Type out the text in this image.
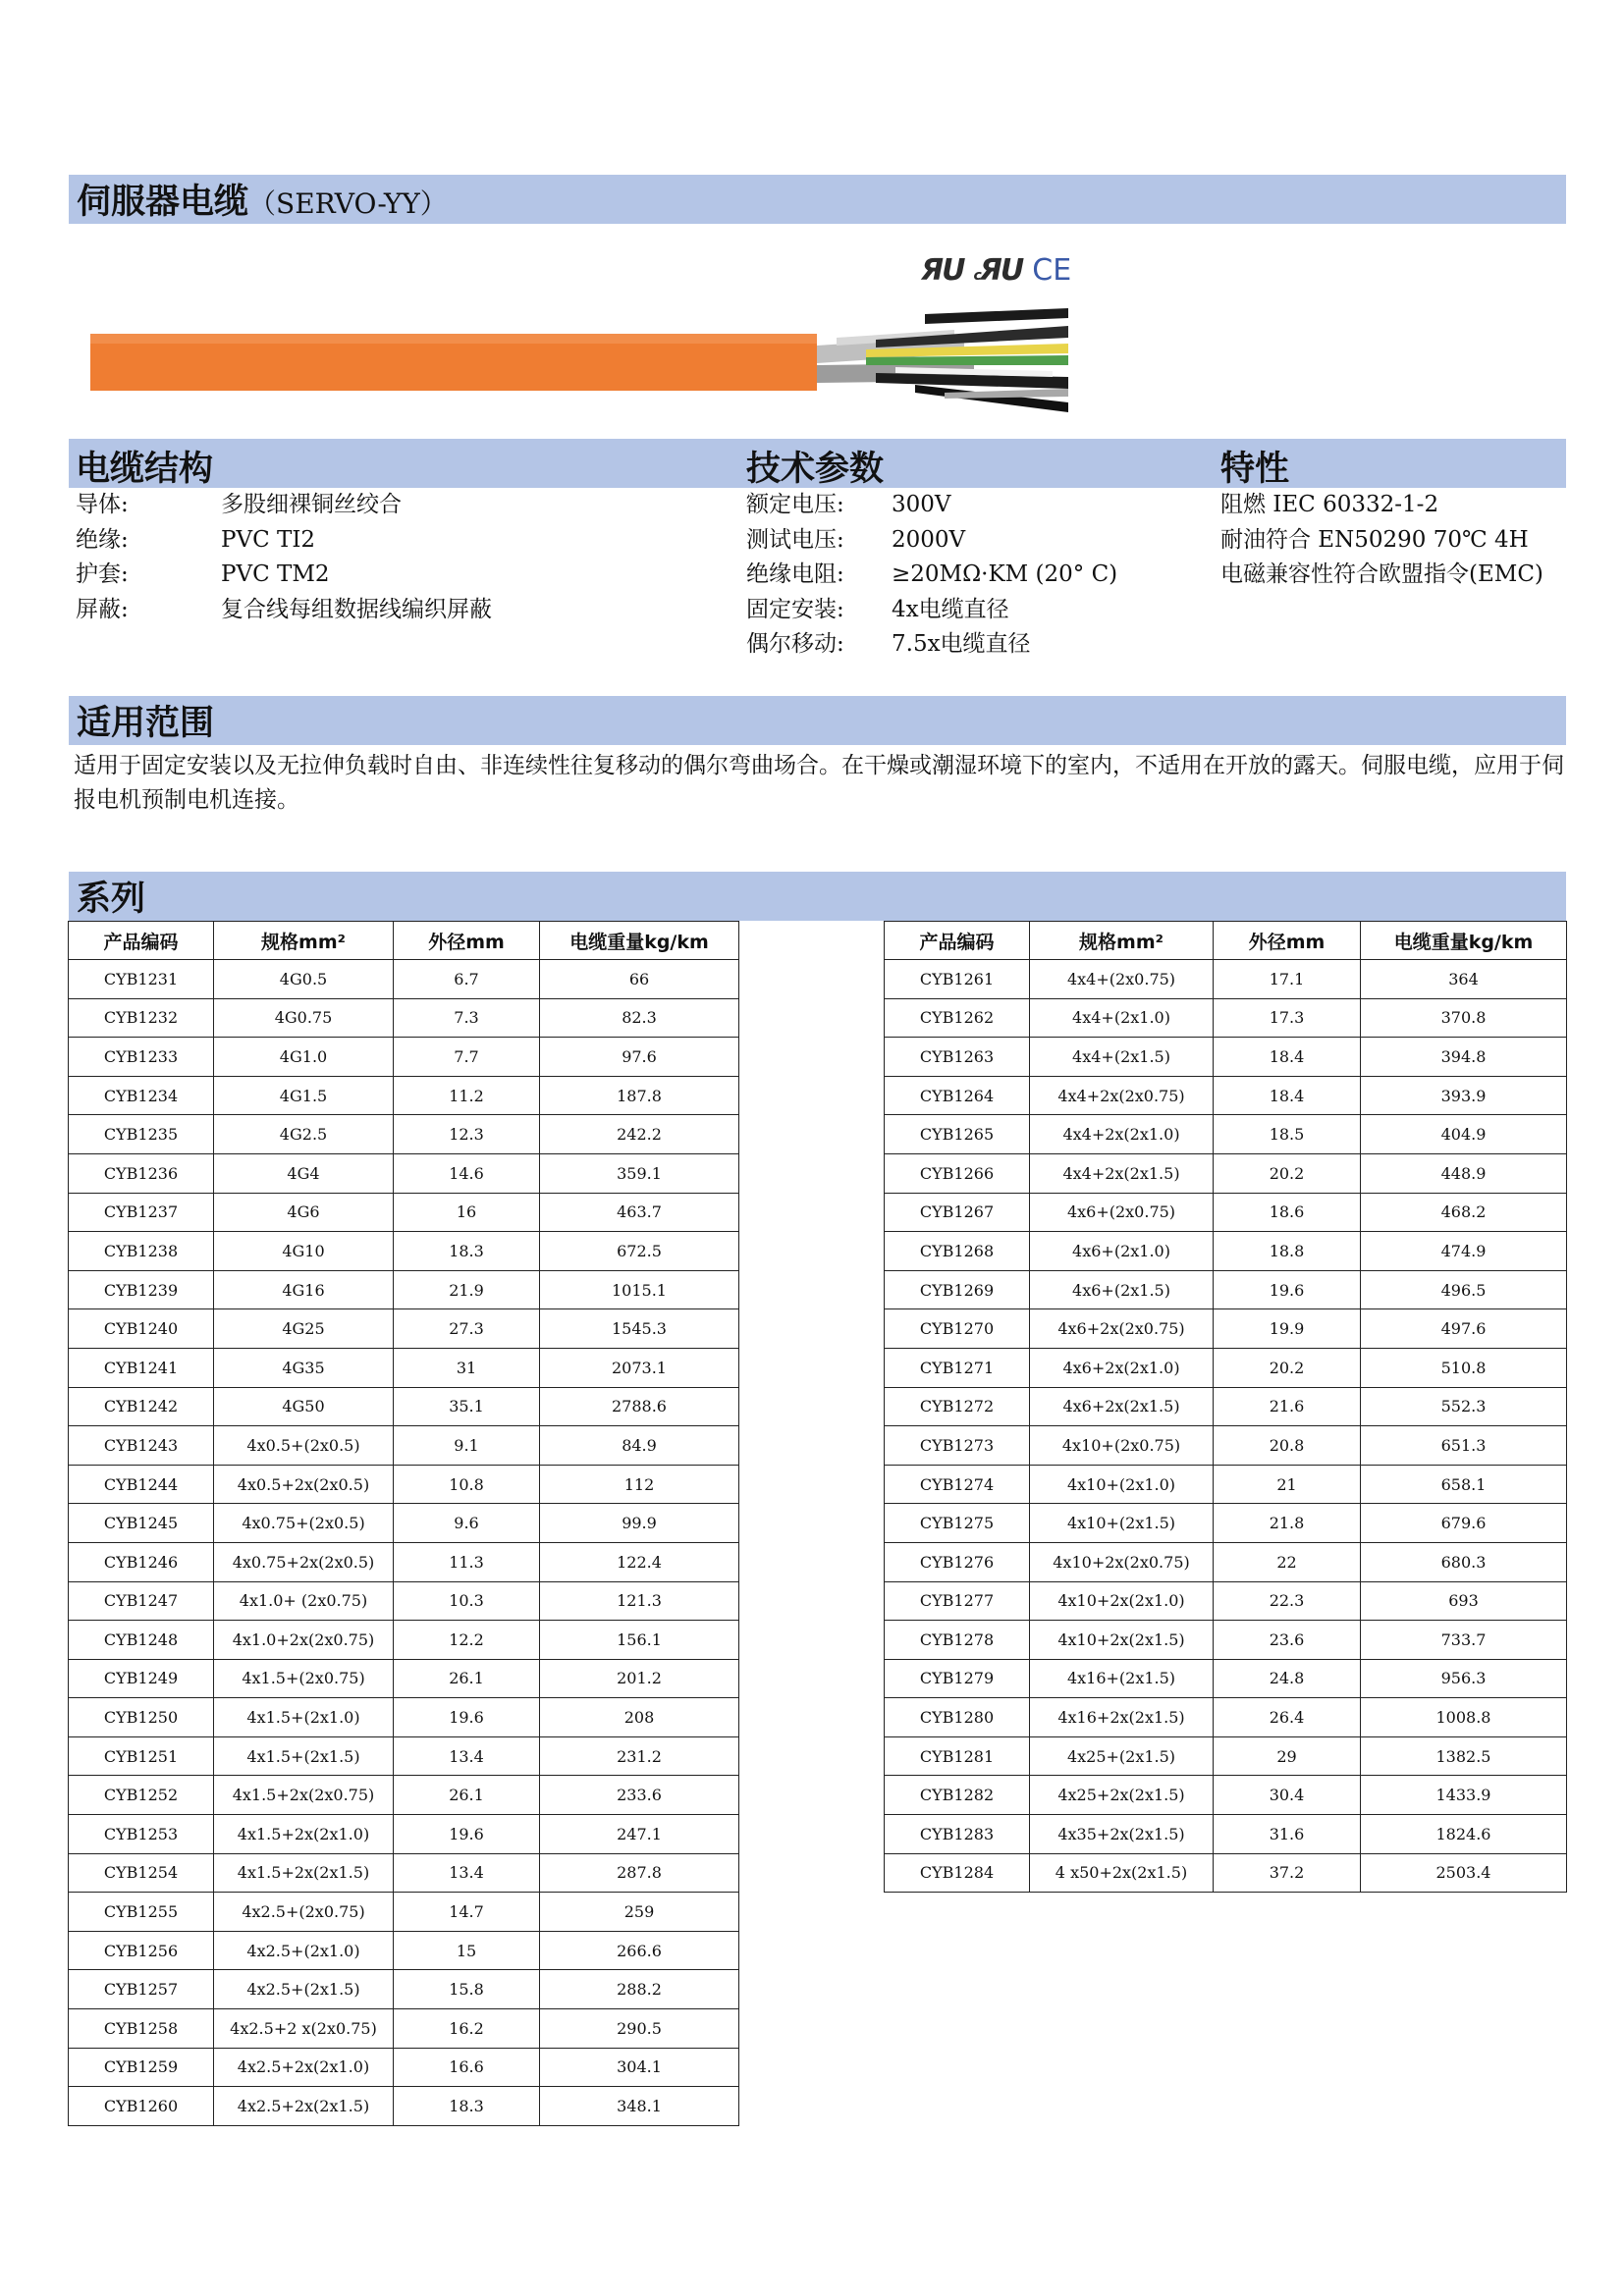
伺服器电缆（SERVO-YY）
ЯU cЯU CE
电缆结构	技术参数	特性
导体:	多股细裸铜丝绞合
绝缘:	PVC TI2
护套:	PVC TM2
屏蔽:	复合线每组数据线编织屏蔽
额定电压:	300V
测试电压:	2000V
绝缘电阻:	≥20MΩ·KM (20° C)
固定安装:	4x电缆直径
偶尔移动:	7.5x电缆直径
阻燃 IEC 60332-1-2
耐油符合 EN50290 70℃ 4H
电磁兼容性符合欧盟指令(EMC)
适用范围
适用于固定安装以及无拉伸负载时自由、非连续性往复移动的偶尔弯曲场合。在干燥或潮湿环境下的室内，不适用在开放的露天。伺服电缆，应用于伺报电机预制电机连接。
系列
产品编码	规格mm²	外径mm	电缆重量kg/km
CYB1231	4G0.5	6.7	66
CYB1232	4G0.75	7.3	82.3
CYB1233	4G1.0	7.7	97.6
CYB1234	4G1.5	11.2	187.8
CYB1235	4G2.5	12.3	242.2
CYB1236	4G4	14.6	359.1
CYB1237	4G6	16	463.7
CYB1238	4G10	18.3	672.5
CYB1239	4G16	21.9	1015.1
CYB1240	4G25	27.3	1545.3
CYB1241	4G35	31	2073.1
CYB1242	4G50	35.1	2788.6
CYB1243	4x0.5+(2x0.5)	9.1	84.9
CYB1244	4x0.5+2x(2x0.5)	10.8	112
CYB1245	4x0.75+(2x0.5)	9.6	99.9
CYB1246	4x0.75+2x(2x0.5)	11.3	122.4
CYB1247	4x1.0+ (2x0.75)	10.3	121.3
CYB1248	4x1.0+2x(2x0.75)	12.2	156.1
CYB1249	4x1.5+(2x0.75)	26.1	201.2
CYB1250	4x1.5+(2x1.0)	19.6	208
CYB1251	4x1.5+(2x1.5)	13.4	231.2
CYB1252	4x1.5+2x(2x0.75)	26.1	233.6
CYB1253	4x1.5+2x(2x1.0)	19.6	247.1
CYB1254	4x1.5+2x(2x1.5)	13.4	287.8
CYB1255	4x2.5+(2x0.75)	14.7	259
CYB1256	4x2.5+(2x1.0)	15	266.6
CYB1257	4x2.5+(2x1.5)	15.8	288.2
CYB1258	4x2.5+2 x(2x0.75)	16.2	290.5
CYB1259	4x2.5+2x(2x1.0)	16.6	304.1
CYB1260	4x2.5+2x(2x1.5)	18.3	348.1
产品编码	规格mm²	外径mm	电缆重量kg/km
CYB1261	4x4+(2x0.75)	17.1	364
CYB1262	4x4+(2x1.0)	17.3	370.8
CYB1263	4x4+(2x1.5)	18.4	394.8
CYB1264	4x4+2x(2x0.75)	18.4	393.9
CYB1265	4x4+2x(2x1.0)	18.5	404.9
CYB1266	4x4+2x(2x1.5)	20.2	448.9
CYB1267	4x6+(2x0.75)	18.6	468.2
CYB1268	4x6+(2x1.0)	18.8	474.9
CYB1269	4x6+(2x1.5)	19.6	496.5
CYB1270	4x6+2x(2x0.75)	19.9	497.6
CYB1271	4x6+2x(2x1.0)	20.2	510.8
CYB1272	4x6+2x(2x1.5)	21.6	552.3
CYB1273	4x10+(2x0.75)	20.8	651.3
CYB1274	4x10+(2x1.0)	21	658.1
CYB1275	4x10+(2x1.5)	21.8	679.6
CYB1276	4x10+2x(2x0.75)	22	680.3
CYB1277	4x10+2x(2x1.0)	22.3	693
CYB1278	4x10+2x(2x1.5)	23.6	733.7
CYB1279	4x16+(2x1.5)	24.8	956.3
CYB1280	4x16+2x(2x1.5)	26.4	1008.8
CYB1281	4x25+(2x1.5)	29	1382.5
CYB1282	4x25+2x(2x1.5)	30.4	1433.9
CYB1283	4x35+2x(2x1.5)	31.6	1824.6
CYB1284	4 x50+2x(2x1.5)	37.2	2503.4
